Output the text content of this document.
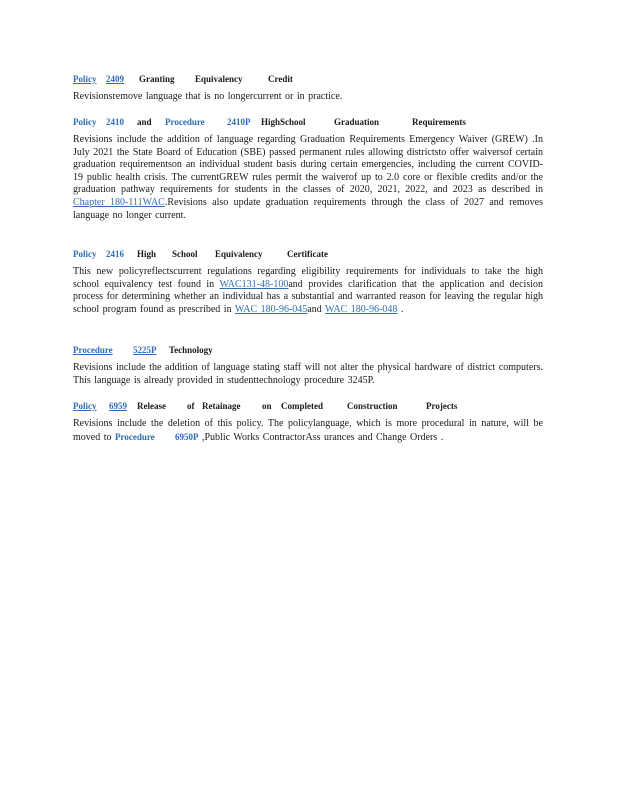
Policy	2409	Granting	Equivalency	Credit
Revisionsremove language that is no longercurrent or in practice.
Policy	2410	and	Procedure	2410P	HighSchool	Graduation	Requirements
Revisions include the addition of language regarding Graduation Requirements Emergency Waiver (GREW) .In July 2021 the State Board of Education (SBE) passed permanent rules allowing districtsto offer waiversof certain graduation requirementson an individual student basis during certain emergencies, including the current COVID-19 public health crisis. The currentGREW rules permit the waiverof up to 2.0 core or flexible credits and/or the graduation pathway requirements for students in the classes of 2020, 2021, 2022, and 2023 as described in Chapter 180-111WAC.Revisions also update graduation requirements through the class of 2027 and removes language no longer current.
Policy	2416	High	School	Equivalency	Certificate
This new policyreflectscurrent regulations regarding eligibility requirements for individuals to take the high school equivalency test found in WAC131-48-100and provides clarification that the application and decision process for determining whether an individual has a substantial and warranted reason for leaving the regular high school program found as prescribed in WAC 180-96-045and WAC 180-96-048 .
Procedure	5225P	Technology
Revisions include the addition of language stating staff will not alter the physical hardware of district computers. This language is already provided in studenttechnology procedure 3245P.
Policy	6959	Release	of Retainage	on	Completed	Construction	Projects
Revisions include the deletion of this policy. The policylanguage, which is more procedural in nature, will be moved to Procedure 6950P ,Public Works ContractorAss urances and Change Orders .
